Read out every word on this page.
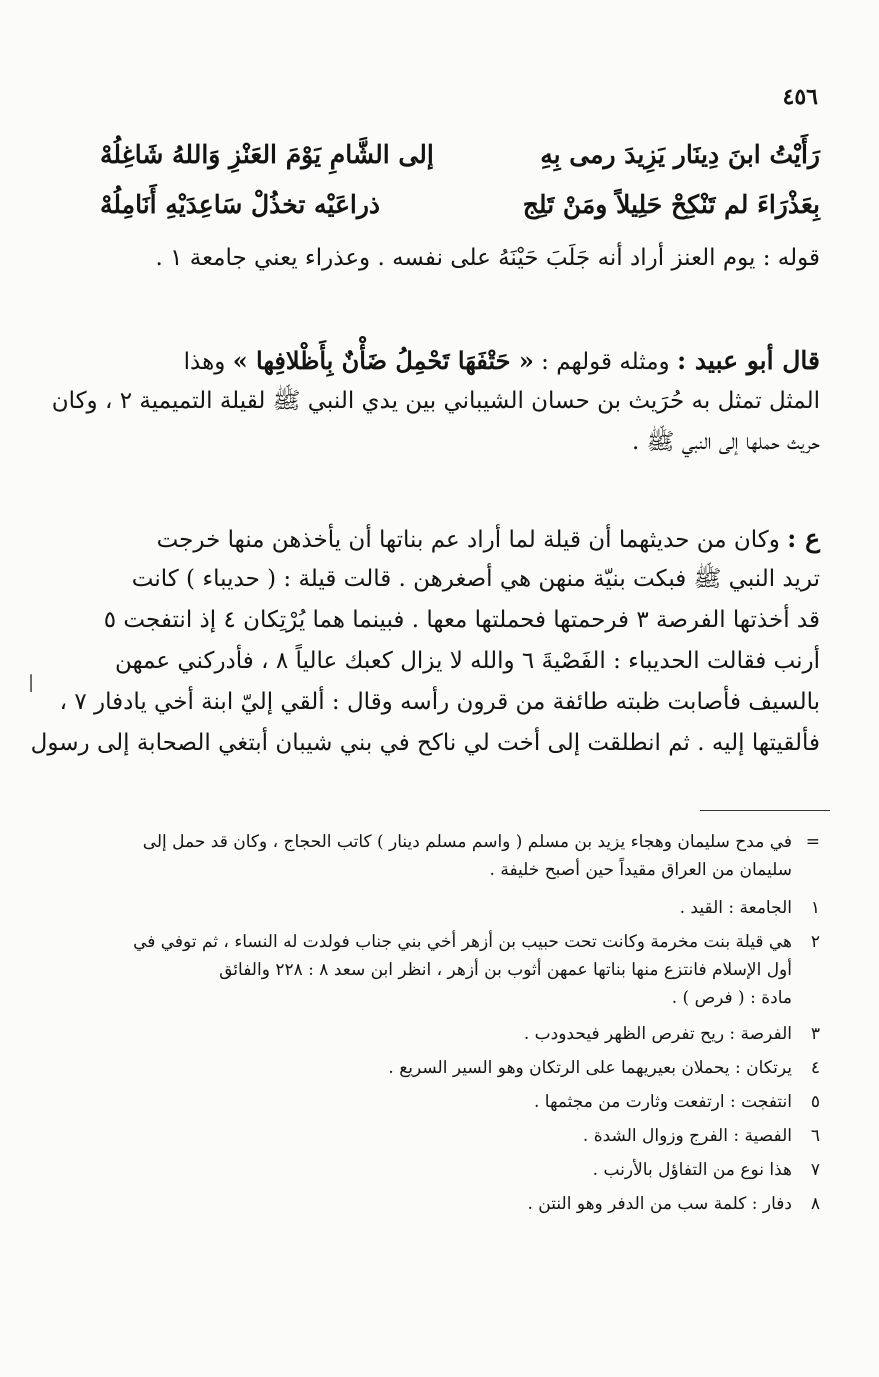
٤٥٦
رَأَيْتُ ابنَ دِينَار يَزِيدَ رمى بِهِ
إلى الشَّامِ يَوْمَ العَنْزِ وَاللهُ شَاغِلُهْ
بِعَذْرَاءَ لم تَنْكِحْ حَلِيلاً ومَنْ تَلِج
ذراعَيْه تخذُلْ سَاعِدَيْهِ أَنَامِلُهْ
قوله : يوم العنز أراد أنه جَلَبَ حَيْنَهُ على نفسه . وعذراء يعني جامعة ١ .
قال أبو عبيد : ومثله قولهم : « حَتْفَهَا تَحْمِلُ ضَأْنٌ بِأَظْلافِها » وهذا
المثل تمثل به حُرَيث بن حسان الشيباني بين يدي النبي ﷺ لقيلة التميمية ٢ ، وكان
حريث حملها إلى النبي ﷺ .
ع : وكان من حديثهما أن قيلة لما أراد عم بناتها أن يأخذهن منها خرجت
تريد النبي ﷺ فبكت بنيّة منهن هي أصغرهن . قالت قيلة : ( حديباء ) كانت
قد أخذتها الفرصة ٣ فرحمتها فحملتها معها . فبينما هما يُرْتِكان ٤ إذ انتفجت ٥
أرنب فقالت الحديباء : الفَصْيةَ ٦ والله لا يزال كعبك عالياً ٨ ، فأدركني عمهن
بالسيف فأصابت ظبته طائفة من قرون رأسه وقال : ألقي إليّ ابنة أخي يادفار ٧ ،
فألقيتها إليه . ثم انطلقت إلى أخت لي ناكح في بني شيبان أبتغي الصحابة إلى رسول
|
=في مدح سليمان وهجاء يزيد بن مسلم ( واسم مسلم دينار ) كاتب الحجاج ، وكان قد حمل إلى
سليمان من العراق مقيداً حين أصبح خليفة .
١الجامعة : القيد .
٢هي قيلة بنت مخرمة وكانت تحت حبيب بن أزهر أخي بني جناب فولدت له النساء ، ثم توفي في
أول الإسلام فانتزع منها بناتها عمهن أثوب بن أزهر ، انظر ابن سعد ٨ : ٢٢٨ والفائق
مادة : ( فرص ) .
٣الفرصة : ريح تفرص الظهر فيحدودب .
٤يرتكان : يحملان بعيريهما على الرتكان وهو السير السريع .
٥انتفجت : ارتفعت وثارت من مجثمها .
٦الفصية : الفرج وزوال الشدة .
٧هذا نوع من التفاؤل بالأرنب .
٨دفار : كلمة سب من الدفر وهو النتن .
